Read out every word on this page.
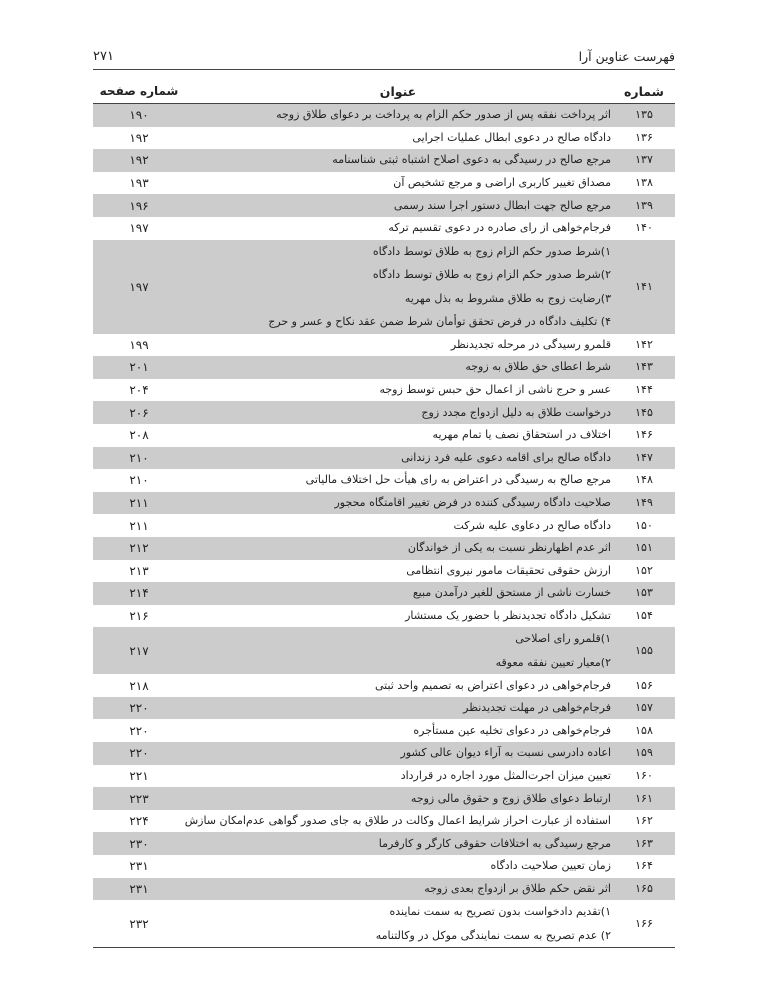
فهرست عناوین آرا
۲۷۱
شماره	عنوان	شماره صفحه
۱۳۵	اثر پرداخت نفقه پس از صدور حکم الزام به پرداخت بر دعوای طلاق زوجه	۱۹۰
۱۳۶	دادگاه صالح در دعوی ابطال عملیات اجرایی	۱۹۲
۱۳۷	مرجع صالح در رسیدگی به دعوی اصلاح اشتباه ثبتی شناسنامه	۱۹۲
۱۳۸	مصداق تغییر کاربری اراضی و مرجع تشخیص آن	۱۹۳
۱۳۹	مرجع صالح جهت ابطال دستور اجرا سند رسمی	۱۹۶
۱۴۰	فرجام‌خواهی از رای صادره در دعوی تقسیم ترکه	۱۹۷
۱۴۱	۱)شرط صدور حکم الزام زوج به طلاق توسط دادگاه
۲)شرط صدور حکم الزام زوج به طلاق توسط دادگاه
۳)رضایت زوج به طلاق مشروط به بذل مهریه
۴) تکلیف دادگاه در فرض تحقق توأمان شرط ضمن عقد نکاح و عسر و حرج	۱۹۷
۱۴۲	قلمرو رسیدگی در مرحله تجدیدنظر	۱۹۹
۱۴۳	شرط اعطای حق طلاق به زوجه	۲۰۱
۱۴۴	عسر و حرج ناشی از اعمال حق حبس توسط زوجه	۲۰۴
۱۴۵	درخواست طلاق به دلیل ازدواج مجدد زوج	۲۰۶
۱۴۶	اختلاف در استحقاق نصف یا تمام مهریه	۲۰۸
۱۴۷	دادگاه صالح برای اقامه دعوی علیه فرد زندانی	۲۱۰
۱۴۸	مرجع صالح به رسیدگی در اعتراض به رای هیأت حل اختلاف مالیاتی	۲۱۰
۱۴۹	صلاحیت دادگاه رسیدگی کننده در فرض تغییر اقامتگاه محجور	۲۱۱
۱۵۰	دادگاه صالح در دعاوی علیه شرکت	۲۱۱
۱۵۱	اثر عدم اظهارنظر نسبت به یکی از خواندگان	۲۱۲
۱۵۲	ارزش حقوقی تحقیقات مامور نیروی انتظامی	۲۱۳
۱۵۳	خسارت ناشی از مستحق للغیر درآمدن مبیع	۲۱۴
۱۵۴	تشکیل دادگاه تجدیدنظر با حضور یک مستشار	۲۱۶
۱۵۵	۱)قلمرو رای اصلاحی
۲)معیار تعیین نفقه معوقه	۲۱۷
۱۵۶	فرجام‌خواهی در دعوای اعتراض به تصمیم واحد ثبتی	۲۱۸
۱۵۷	فرجام‌خواهی در مهلت تجدیدنظر	۲۲۰
۱۵۸	فرجام‌خواهی در دعوای تخلیه عین مستأجره	۲۲۰
۱۵۹	اعاده دادرسی نسبت به آراء دیوان عالی کشور	۲۲۰
۱۶۰	تعیین میزان اجرت‌المثل مورد اجاره در قرارداد	۲۲۱
۱۶۱	ارتباط دعوای طلاق زوج و حقوق مالی زوجه	۲۲۳
۱۶۲	استفاده از عبارت احراز شرایط اعمال وکالت در طلاق به جای صدور گواهی عدم‌امکان سازش	۲۲۴
۱۶۳	مرجع رسیدگی به اختلافات حقوقی کارگر و کارفرما	۲۳۰
۱۶۴	زمان تعیین صلاحیت دادگاه	۲۳۱
۱۶۵	اثر نقض حکم طلاق بر ازدواج بعدی زوجه	۲۳۱
۱۶۶	۱)تقدیم دادخواست بدون تصریح به سمت نماینده
۲) عدم تصریح به سمت نمایندگی موکل در وکالتنامه	۲۳۲
